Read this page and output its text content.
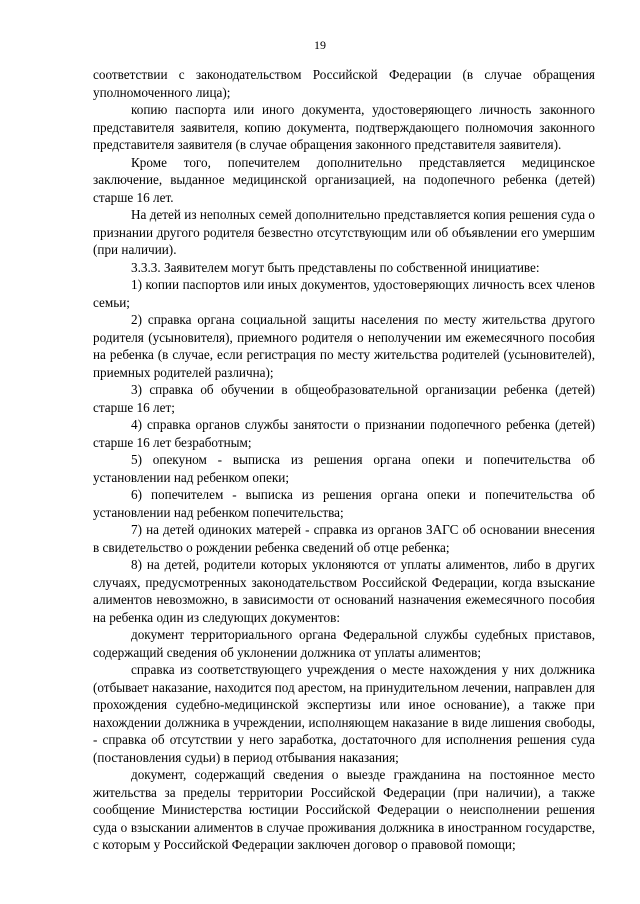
19

соответствии с законодательством Российской Федерации (в случае обращения уполномоченного лица);

копию паспорта или иного документа, удостоверяющего личность законного представителя заявителя, копию документа, подтверждающего полномочия законного представителя заявителя (в случае обращения законного представителя заявителя).

Кроме того, попечителем дополнительно представляется медицинское заключение, выданное медицинской организацией, на подопечного ребенка (детей) старше 16 лет.

На детей из неполных семей дополнительно представляется копия решения суда о признании другого родителя безвестно отсутствующим или об объявлении его умершим (при наличии).

3.3.3. Заявителем могут быть представлены по собственной инициативе:

1) копии паспортов или иных документов, удостоверяющих личность всех членов семьи;

2) справка органа социальной защиты населения по месту жительства другого родителя (усыновителя), приемного родителя о неполучении им ежемесячного пособия на ребенка (в случае, если регистрация по месту жительства родителей (усыновителей), приемных родителей различна);

3) справка об обучении в общеобразовательной организации ребенка (детей) старше 16 лет;

4) справка органов службы занятости о признании подопечного ребенка (детей) старше 16 лет безработным;

5) опекуном - выписка из решения органа опеки и попечительства об установлении над ребенком опеки;

6) попечителем - выписка из решения органа опеки и попечительства об установлении над ребенком попечительства;

7) на детей одиноких матерей - справка из органов ЗАГС об основании внесения в свидетельство о рождении ребенка сведений об отце ребенка;

8) на детей, родители которых уклоняются от уплаты алиментов, либо в других случаях, предусмотренных законодательством Российской Федерации, когда взыскание алиментов невозможно, в зависимости от оснований назначения ежемесячного пособия на ребенка один из следующих документов:

документ территориального органа Федеральной службы судебных приставов, содержащий сведения об уклонении должника от уплаты алиментов;

справка из соответствующего учреждения о месте нахождения у них должника (отбывает наказание, находится под арестом, на принудительном лечении, направлен для прохождения судебно-медицинской экспертизы или иное основание), а также при нахождении должника в учреждении, исполняющем наказание в виде лишения свободы, - справка об отсутствии у него заработка, достаточного для исполнения решения суда (постановления судьи) в период отбывания наказания;

документ, содержащий сведения о выезде гражданина на постоянное место жительства за пределы территории Российской Федерации (при наличии), а также сообщение Министерства юстиции Российской Федерации о неисполнении решения суда о взыскании алиментов в случае проживания должника в иностранном государстве, с которым у Российской Федерации заключен договор о правовой помощи;
